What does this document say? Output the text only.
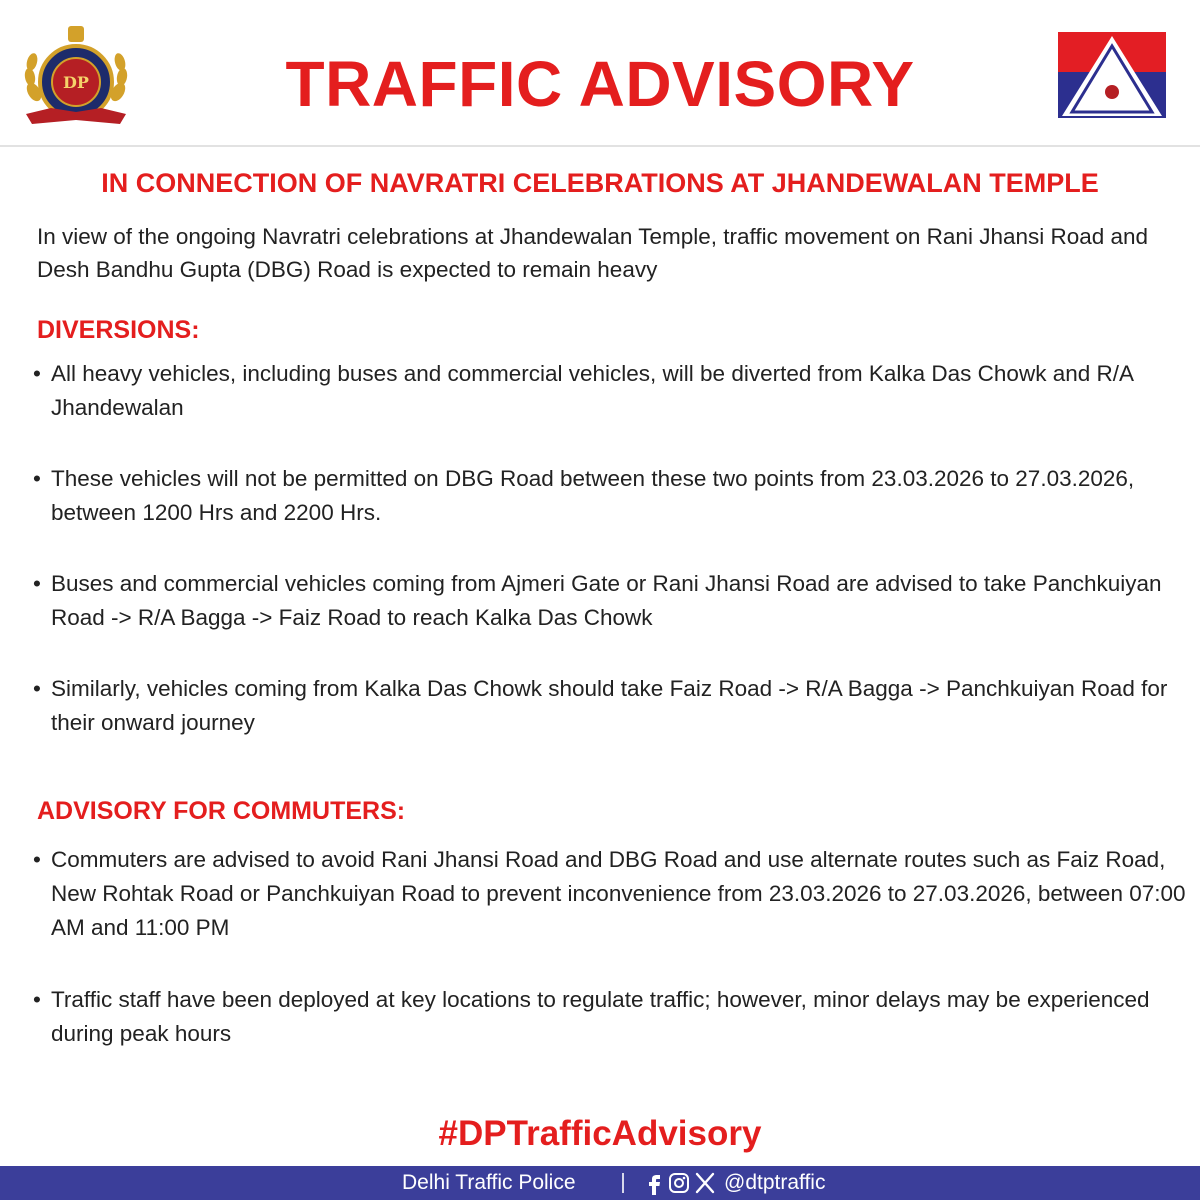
DP	TRAFFIC ADVISORY
IN CONNECTION OF NAVRATRI CELEBRATIONS AT JHANDEWALAN TEMPLE
In view of the ongoing Navratri celebrations at Jhandewalan Temple, traffic movement on Rani Jhansi Road and Desh Bandhu Gupta (DBG) Road is expected to remain heavy
DIVERSIONS:
• All heavy vehicles, including buses and commercial vehicles, will be diverted from Kalka Das Chowk and R/A Jhandewalan
• These vehicles will not be permitted on DBG Road between these two points from 23.03.2026 to 27.03.2026, between 1200 Hrs and 2200 Hrs.
• Buses and commercial vehicles coming from Ajmeri Gate or Rani Jhansi Road are advised to take Panchkuiyan Road -> R/A Bagga -> Faiz Road to reach Kalka Das Chowk
• Similarly, vehicles coming from Kalka Das Chowk should take Faiz Road -> R/A Bagga -> Panchkuiyan Road for their onward journey
ADVISORY FOR COMMUTERS:
• Commuters are advised to avoid Rani Jhansi Road and DBG Road and use alternate routes such as Faiz Road, New Rohtak Road or Panchkuiyan Road to prevent inconvenience from 23.03.2026 to 27.03.2026, between 07:00 AM and 11:00 PM
• Traffic staff have been deployed at key locations to regulate traffic; however, minor delays may be experienced during peak hours
#DPTrafficAdvisory
Delhi Traffic Police	@dtptraffic
